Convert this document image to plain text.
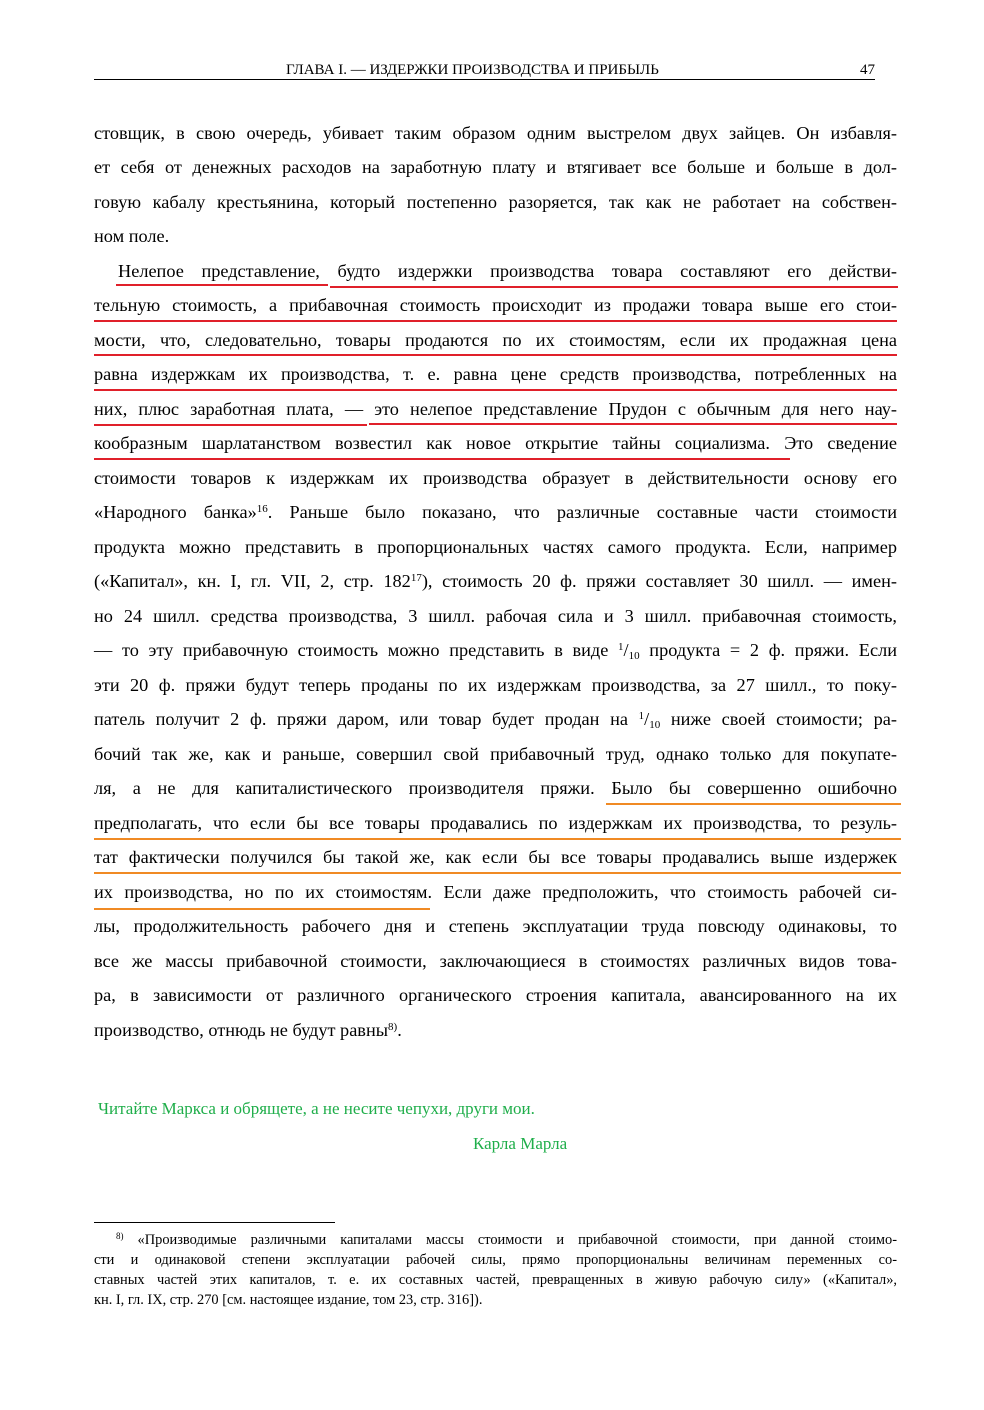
ГЛАВА I. — ИЗДЕРЖКИ ПРОИЗВОДСТВА И ПРИБЫЛЬ	47
стовщик, в свою очередь, убивает таким образом одним выстрелом двух зайцев. Он избавля-
ет себя от денежных расходов на заработную плату и втягивает все больше и больше в дол-
говую кабалу крестьянина, который постепенно разоряется, так как не работает на собствен-
ном поле.
Нелепое представление, будто издержки производства товара составляют его действи-
тельную стоимость, а прибавочная стоимость происходит из продажи товара выше его стои-
мости, что, следовательно, товары продаются по их стоимостям, если их продажная цена
равна издержкам их производства, т. е. равна цене средств производства, потребленных на
них, плюс заработная плата, — это нелепое представление Прудон с обычным для него нау-
кообразным шарлатанством возвестил как новое открытие тайны социализма. Это сведение
стоимости товаров к издержкам их производства образует в действительности основу его
«Народного банка»$^{16}$. Раньше было показано, что различные составные части стоимости
продукта можно представить в пропорциональных частях самого продукта. Если, например
(«Капитал», кн. I, гл. VII, 2, стр. $182^{17}$), стоимость 20 ф. пряжи составляет 30 шилл. — имен-
но 24 шилл. средства производства, 3 шилл. рабочая сила и 3 шилл. прибавочная стоимость,
— то эту прибавочную стоимость можно представить в виде $^1/_{10}$ продукта = 2 ф. пряжи. Если
эти 20 ф. пряжи будут теперь проданы по их издержкам производства, за 27 шилл., то поку-
патель получит 2 ф. пряжи даром, или товар будет продан на $^1/_{10}$ ниже своей стоимости; ра-
бочий так же, как и раньше, совершил свой прибавочный труд, однако только для покупате-
ля, а не для капиталистического производителя пряжи. Было бы совершенно ошибочно
предполагать, что если бы все товары продавались по издержкам их производства, то резуль-
тат фактически получился бы такой же, как если бы все товары продавались выше издержек
их производства, но по их стоимостям. Если даже предположить, что стоимость рабочей си-
лы, продолжительность рабочего дня и степень эксплуатации труда повсюду одинаковы, то
все же массы прибавочной стоимости, заключающиеся в стоимостях различных видов това-
ра, в зависимости от различного органического строения капитала, авансированного на их
производство, отнюдь не будут равны$^{8)}$.
Читайте Маркса и обрящете, а не несите чепухи, други мои.
Карла Марла
$^{8)}$ «Производимые различными капиталами массы стоимости и прибавочной стоимости, при данной стоимо-
сти и одинаковой степени эксплуатации рабочей силы, прямо пропорциональны величинам переменных со-
ставных частей этих капиталов, т. е. их составных частей, превращенных в живую рабочую силу» («Капитал»,
кн. I, гл. IX, стр. 270 [см. настоящее издание, том 23, стр. 316]).
